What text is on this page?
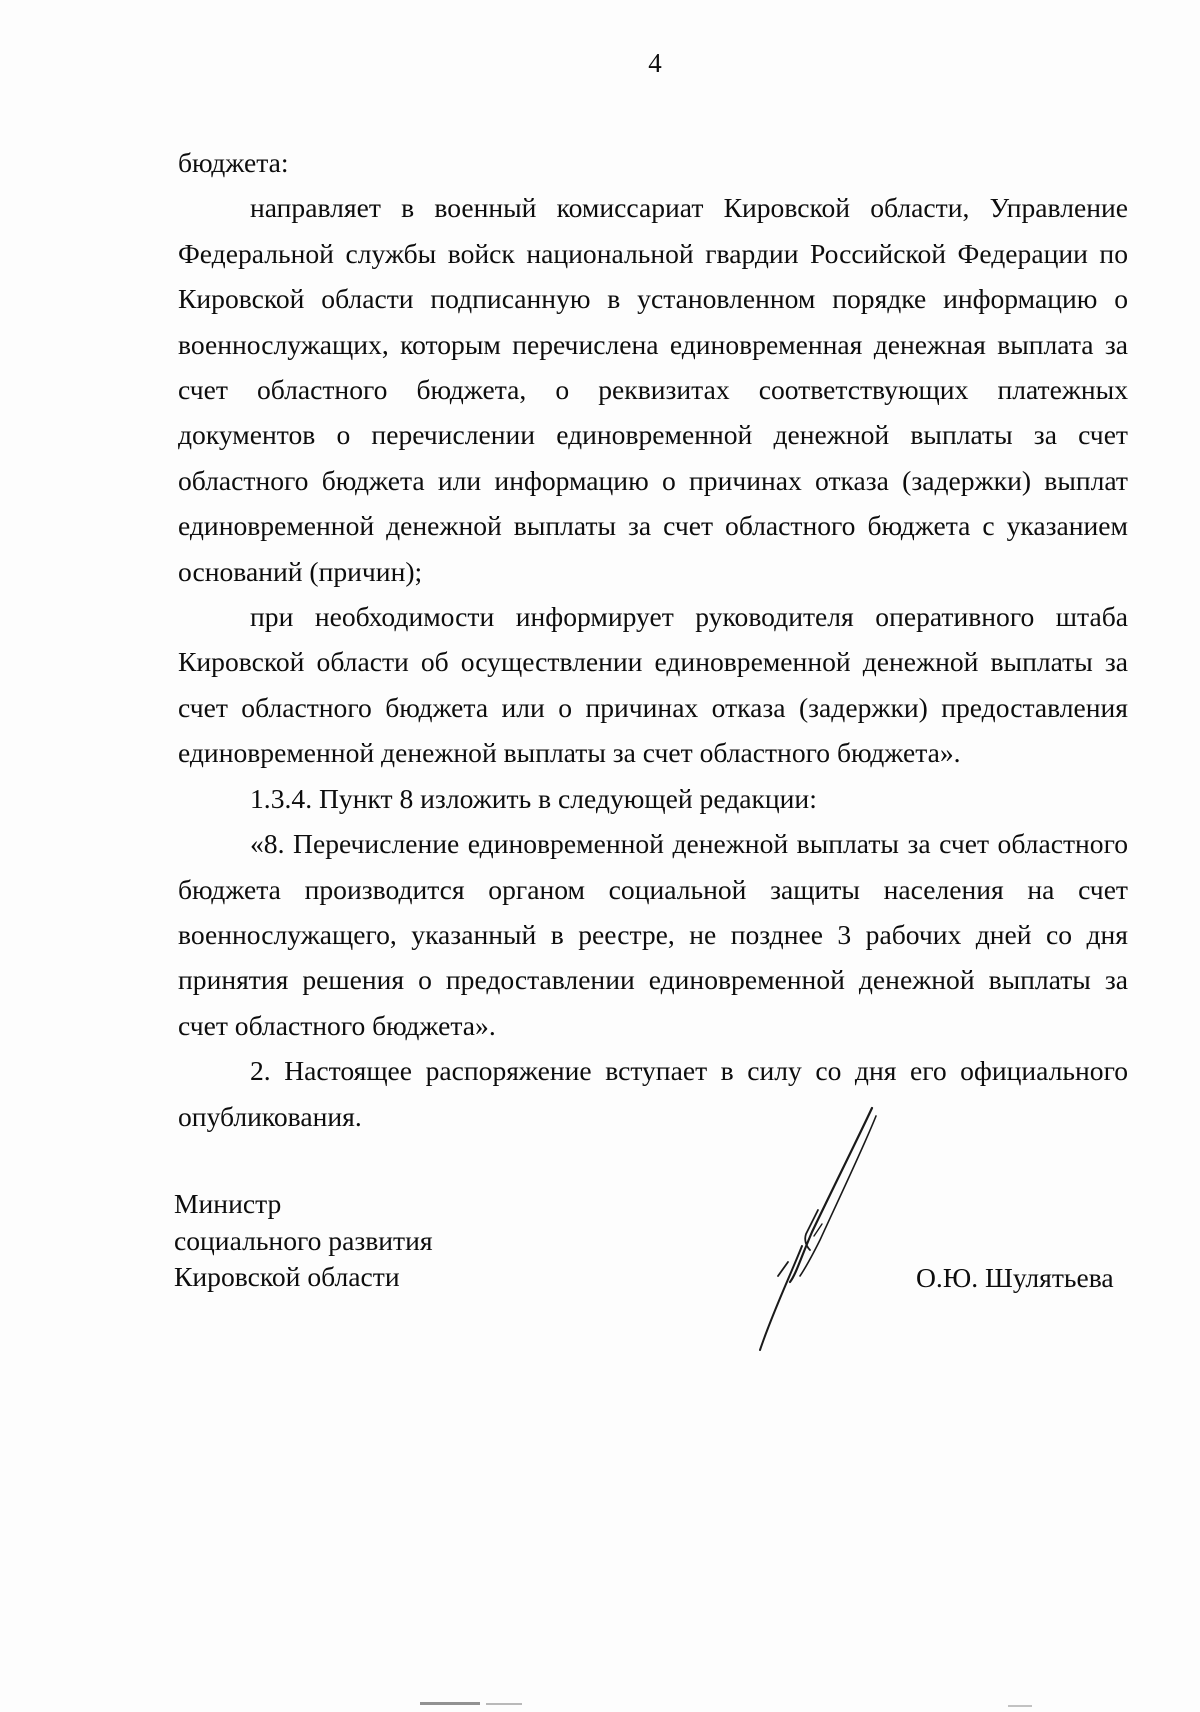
4

бюджета:

направляет в военный комиссариат Кировской области, Управление Федеральной службы войск национальной гвардии Российской Федерации по Кировской области подписанную в установленном порядке информацию о военнослужащих, которым перечислена единовременная денежная выплата за счет областного бюджета, о реквизитах соответствующих платежных документов о перечислении единовременной денежной выплаты за счет областного бюджета или информацию о причинах отказа (задержки) выплат единовременной денежной выплаты за счет областного бюджета с указанием оснований (причин);

при необходимости информирует руководителя оперативного штаба Кировской области об осуществлении единовременной денежной выплаты за счет областного бюджета или о причинах отказа (задержки) предоставления единовременной денежной выплаты за счет областного бюджета».

1.3.4. Пункт 8 изложить в следующей редакции:

«8. Перечисление единовременной денежной выплаты за счет областного бюджета производится органом социальной защиты населения на счет военнослужащего, указанный в реестре, не позднее 3 рабочих дней со дня принятия решения о предоставлении единовременной денежной выплаты за счет областного бюджета».

2. Настоящее распоряжение вступает в силу со дня его официального опубликования.

Министр
социального развития
Кировской области	О.Ю. Шулятьева
